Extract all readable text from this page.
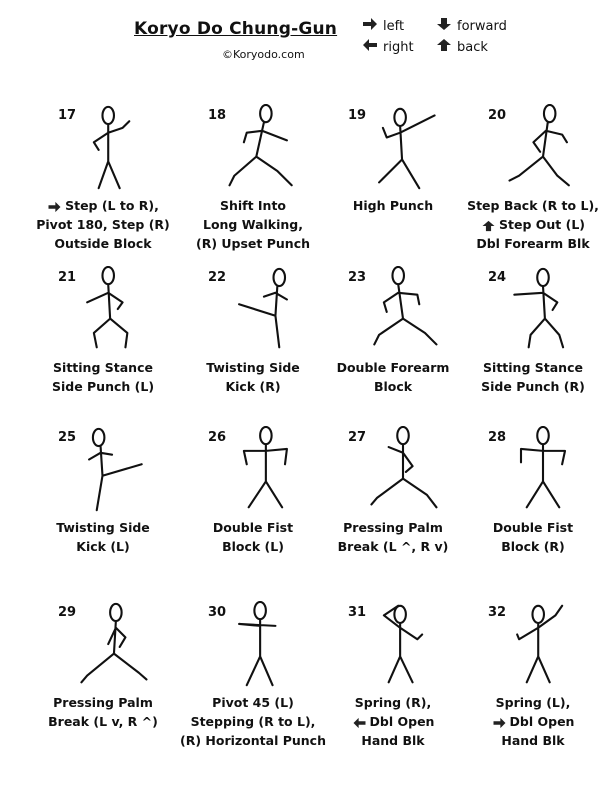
Koryo Do Chung-Gun
©Koryodo.com
left
right
forward
back
17
Step (L to R),
Pivot 180, Step (R)
Outside Block
18
Shift Into
Long Walking,
(R) Upset Punch
19
High Punch
20
Step Back (R to L),
Step Out (L)
Dbl Forearm Blk
21
Sitting Stance
Side Punch (L)
22
Twisting Side
Kick (R)
23
Double Forearm
Block
24
Sitting Stance
Side Punch (R)
25
Twisting Side
Kick (L)
26
Double Fist
Block (L)
27
Pressing Palm
Break (L ^, R v)
28
Double Fist
Block (R)
29
Pressing Palm
Break (L v, R ^)
30
Pivot 45 (L)
Stepping (R to L),
(R) Horizontal Punch
31
Spring (R),
Dbl Open
Hand Blk
32
Spring (L),
Dbl Open
Hand Blk
